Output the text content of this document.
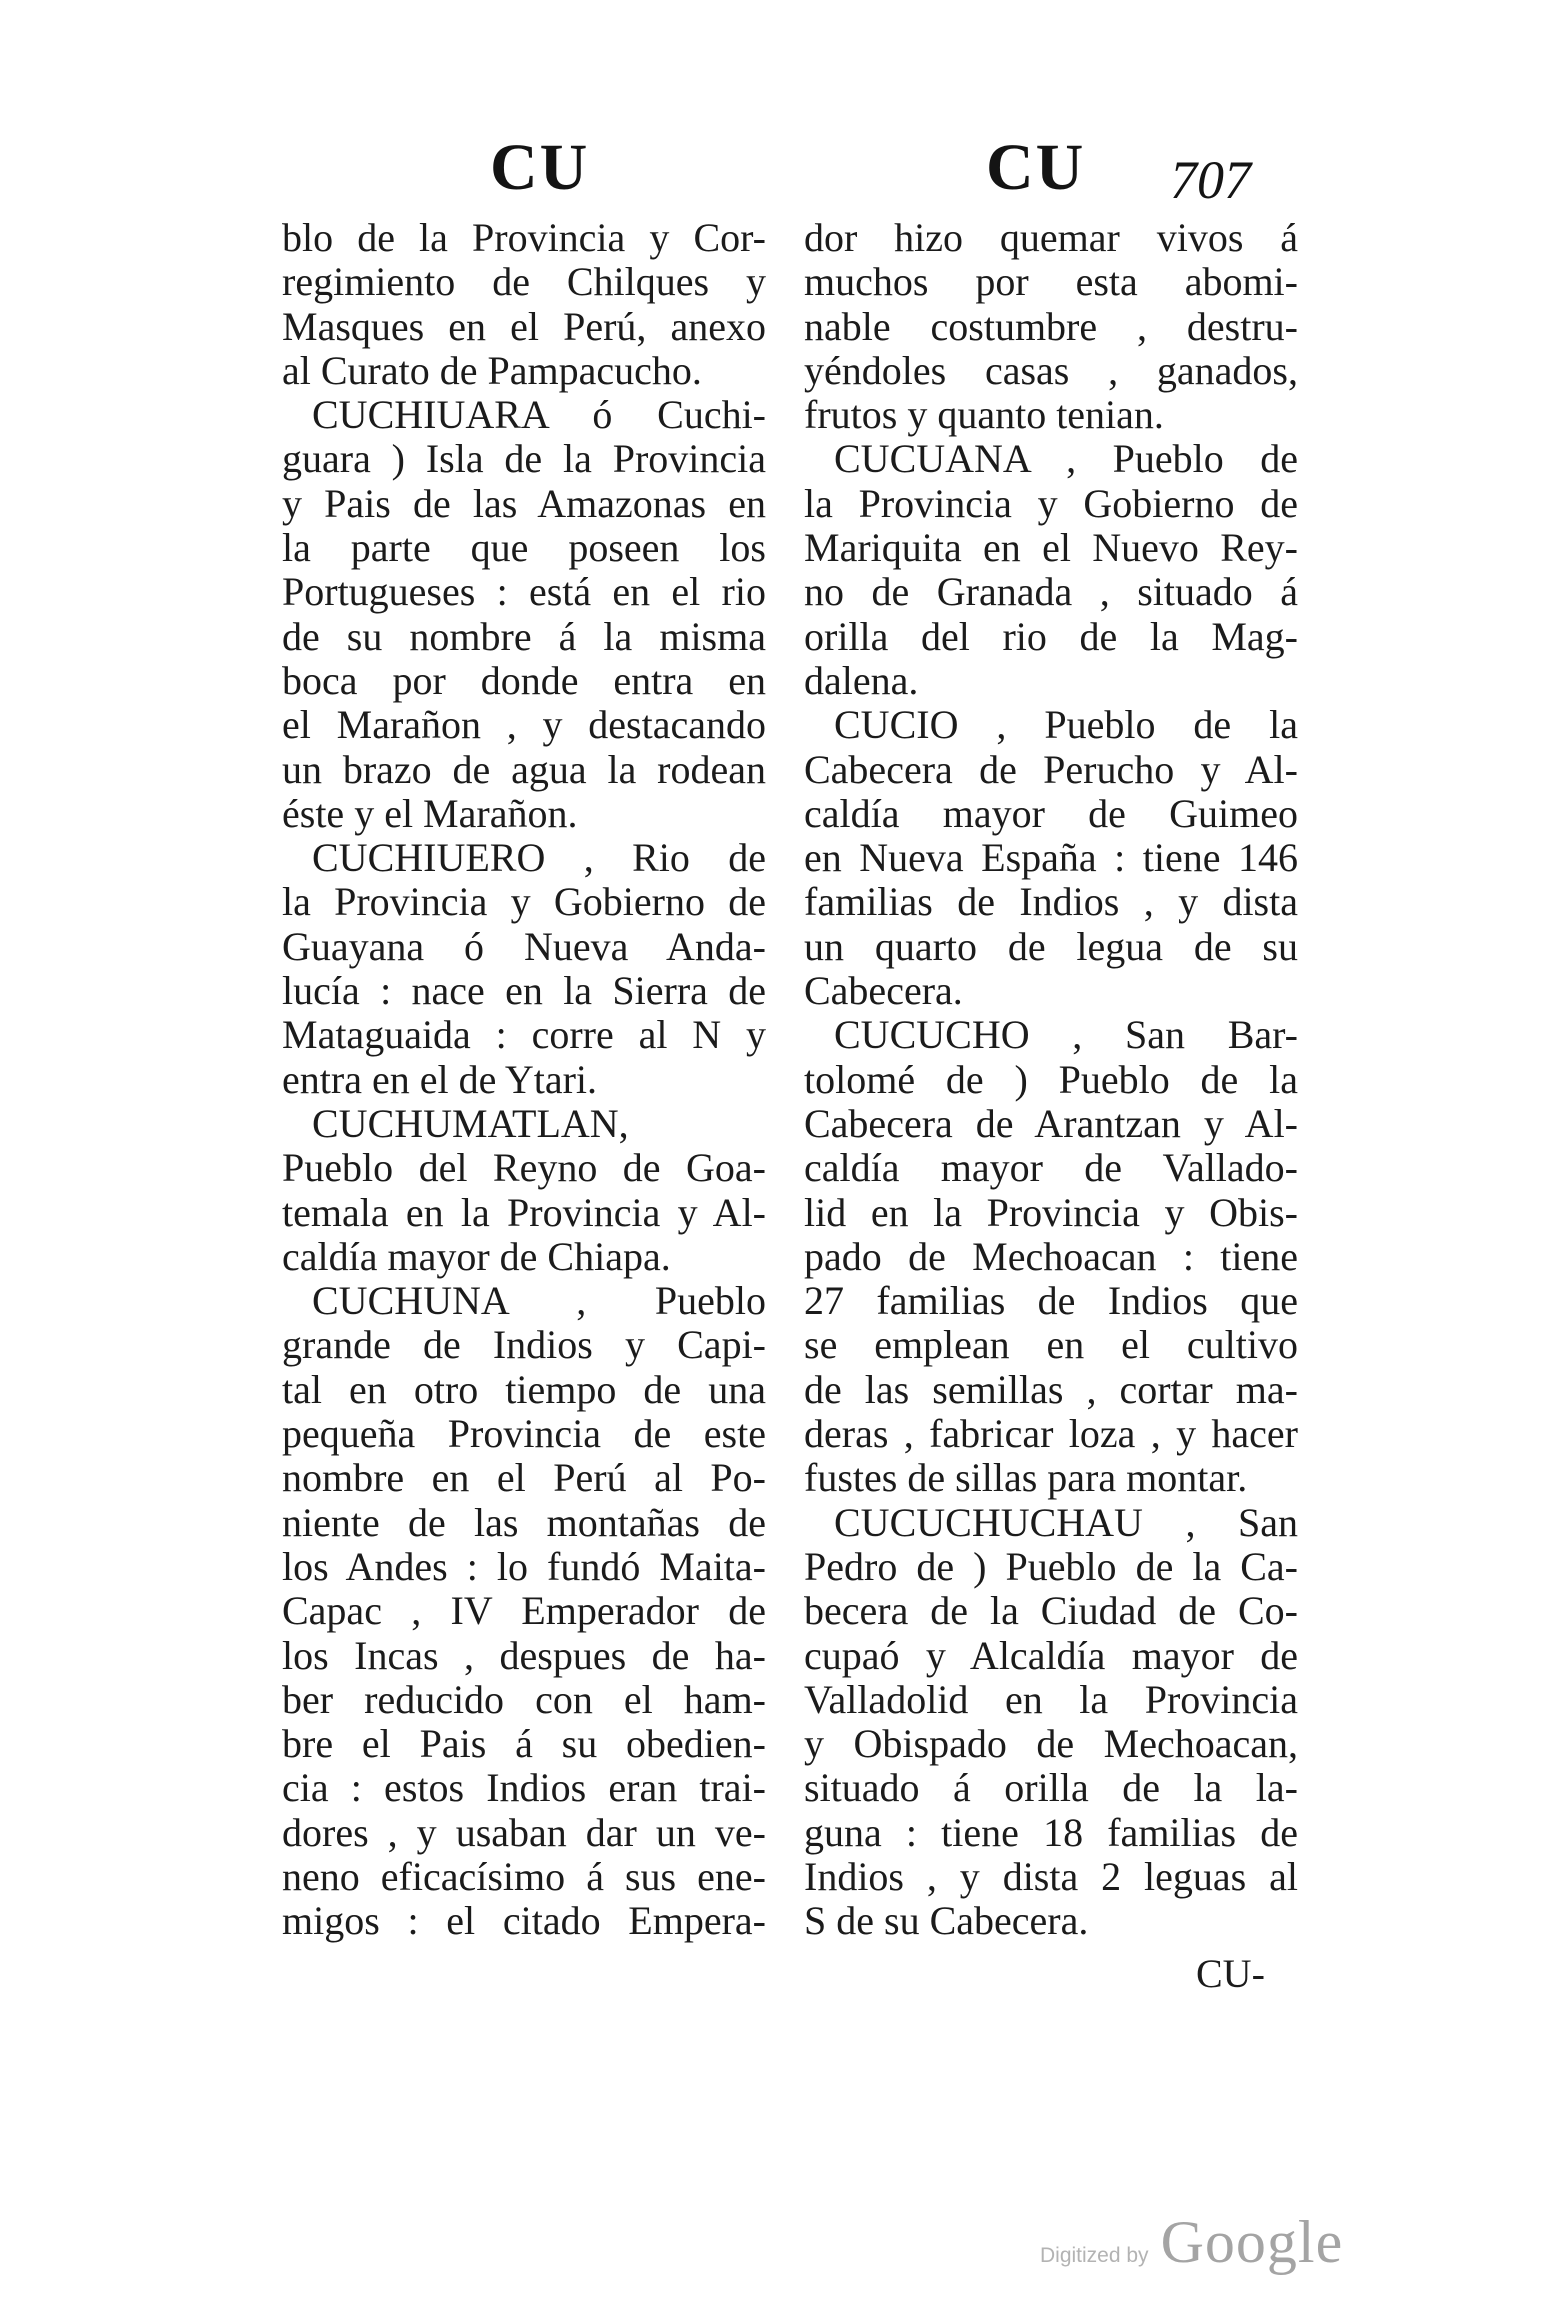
CU	CU 707
blo de la Provincia y Cor-
regimiento de Chilques y
Masques en el Perú, anexo
al Curato de Pampacucho.
CUCHIUARA ó Cuchi-
guara ) Isla de la Provincia
y Pais de las Amazonas en
la parte que poseen los
Portugueses : está en el rio
de su nombre á la misma
boca por donde entra en
el Marañon , y destacando
un brazo de agua la rodean
éste y el Marañon.
CUCHIUERO , Rio de
la Provincia y Gobierno de
Guayana ó Nueva Anda-
lucía : nace en la Sierra de
Mataguaida : corre al N y
entra en el de Ytari.
CUCHUMATLAN,
Pueblo del Reyno de Goa-
temala en la Provincia y Al-
caldía mayor de Chiapa.
CUCHUNA , Pueblo
grande de Indios y Capi-
tal en otro tiempo de una
pequeña Provincia de este
nombre en el Perú al Po-
niente de las montañas de
los Andes : lo fundó Maita-
Capac , IV Emperador de
los Incas , despues de ha-
ber reducido con el ham-
bre el Pais á su obedien-
cia : estos Indios eran trai-
dores , y usaban dar un ve-
neno eficacísimo á sus ene-
migos : el citado Empera-
dor hizo quemar vivos á
muchos por esta abomi-
nable costumbre , destru-
yéndoles casas , ganados,
frutos y quanto tenian.
CUCUANA , Pueblo de
la Provincia y Gobierno de
Mariquita en el Nuevo Rey-
no de Granada , situado á
orilla del rio de la Mag-
dalena.
CUCIO , Pueblo de la
Cabecera de Perucho y Al-
caldía mayor de Guimeo
en Nueva España : tiene 146
familias de Indios , y dista
un quarto de legua de su
Cabecera.
CUCUCHO , San Bar-
tolomé de ) Pueblo de la
Cabecera de Arantzan y Al-
caldía mayor de Vallado-
lid en la Provincia y Obis-
pado de Mechoacan : tiene
27 familias de Indios que
se emplean en el cultivo
de las semillas , cortar ma-
deras , fabricar loza , y hacer
fustes de sillas para montar.
CUCUCHUCHAU , San
Pedro de ) Pueblo de la Ca-
becera de la Ciudad de Co-
cupaó y Alcaldía mayor de
Valladolid en la Provincia
y Obispado de Mechoacan,
situado á orilla de la la-
guna : tiene 18 familias de
Indios , y dista 2 leguas al
S de su Cabecera.
CU-
Digitized by Google
